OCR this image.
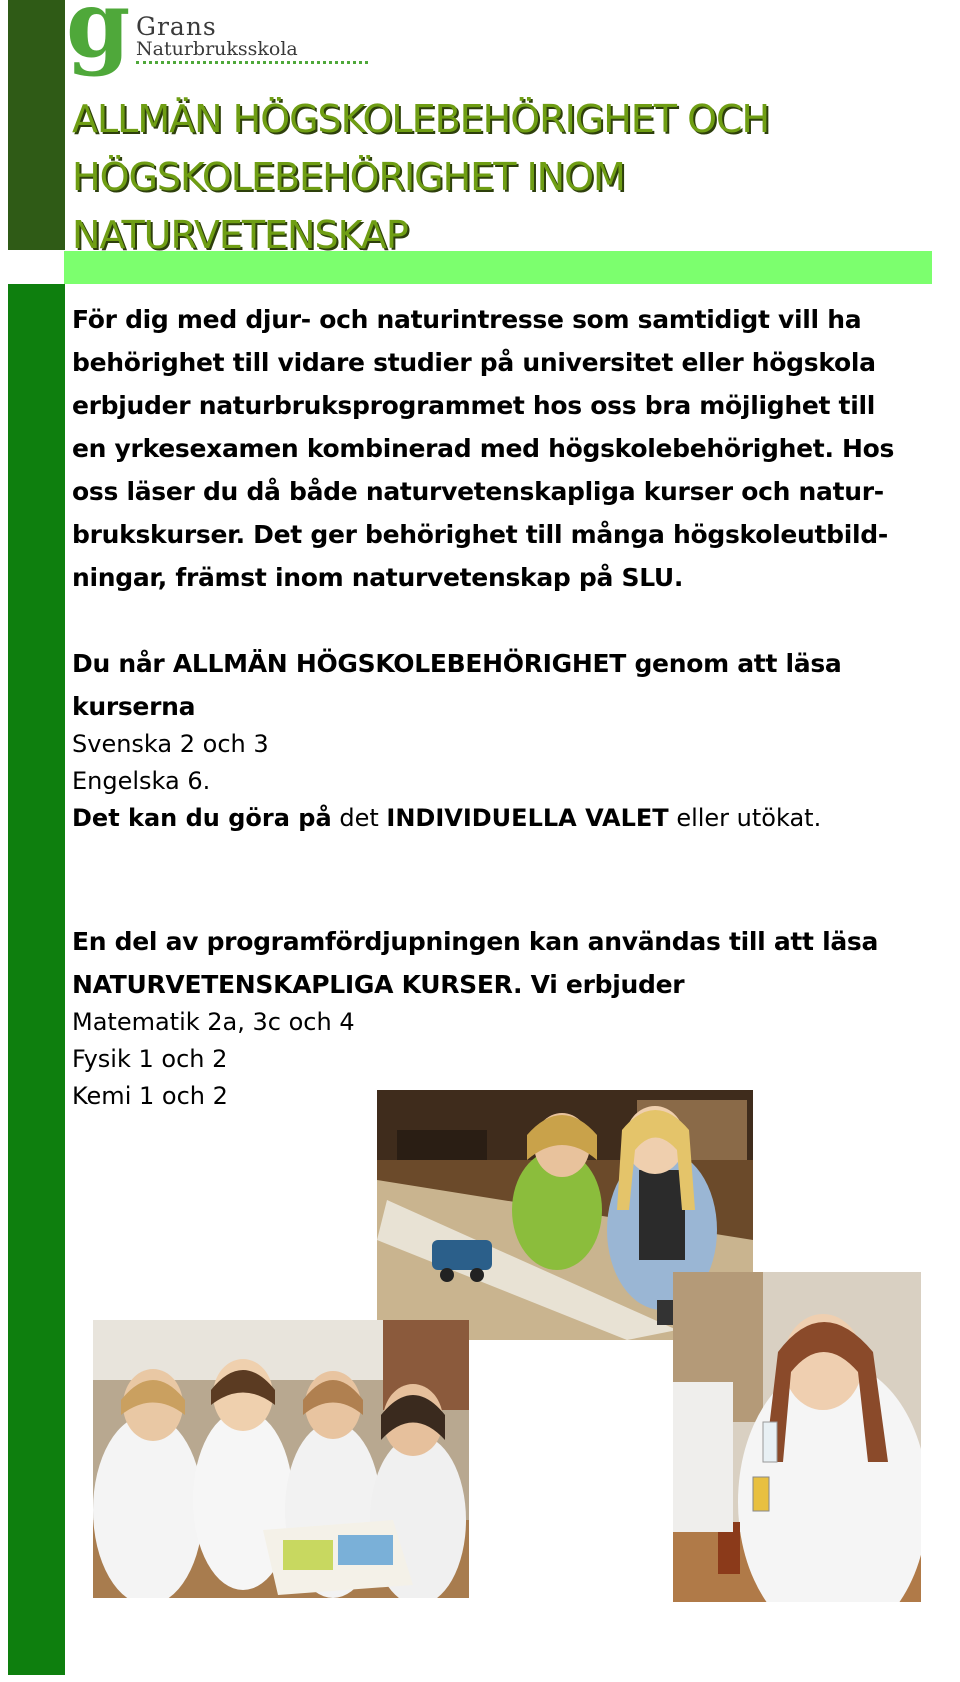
g Grans
Naturbruksskola
ALLMÄN HÖGSKOLEBEHÖRIGHET OCH
HÖGSKOLEBEHÖRIGHET INOM
NATURVETENSKAP
För dig med djur- och naturintresse som samtidigt vill ha
behörighet till vidare studier på universitet eller högskola
erbjuder naturbruksprogrammet hos oss bra möjlighet till
en yrkesexamen kombinerad med högskolebehörighet. Hos
oss läser du då både naturvetenskapliga kurser och natur-
brukskurser. Det ger behörighet till många högskoleutbild-
ningar, främst inom naturvetenskap på SLU.
Du når ALLMÄN HÖGSKOLEBEHÖRIGHET genom att läsa
kurserna
Svenska 2 och 3
Engelska 6.
Det kan du göra på det INDIVIDUELLA VALET eller utökat.
En del av programfördjupningen kan användas till att läsa
NATURVETENSKAPLIGA KURSER. Vi erbjuder
Matematik 2a, 3c och 4
Fysik 1 och 2
Kemi 1 och 2
